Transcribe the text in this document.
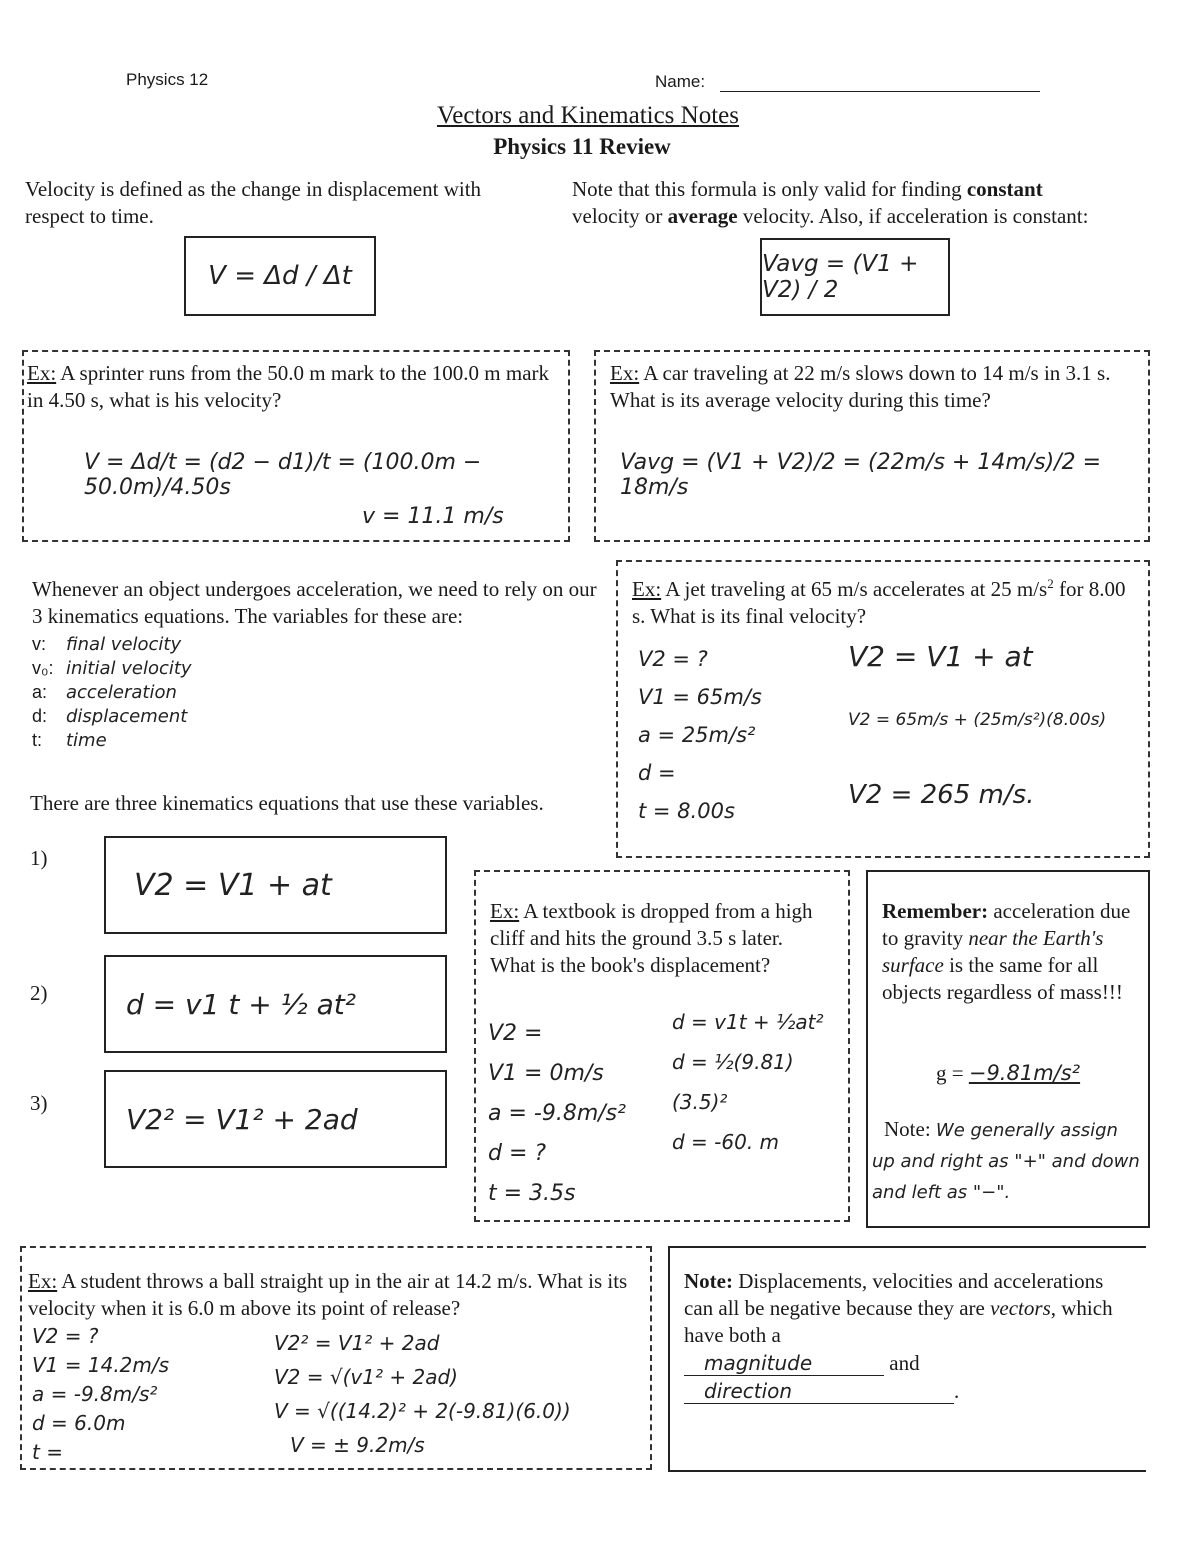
Physics 12	Name:
Vectors and Kinematics Notes
Physics 11 Review
Velocity is defined as the change in displacement with respect to time.
V = Δd / Δt
Note that this formula is only valid for finding constant velocity or average velocity. Also, if acceleration is constant:
Vavg = (V1 + V2) / 2
Ex: A sprinter runs from the 50.0 m mark to the 100.0 m mark in 4.50 s, what is his velocity?
V = Δd/t = (d2 − d1)/t = (100.0m − 50.0m)/4.50s
v = 11.1 m/s
Ex: A car traveling at 22 m/s slows down to 14 m/s in 3.1 s. What is its average velocity during this time?
Vavg = (V1 + V2)/2 = (22m/s + 14m/s)/2 = 18m/s
Whenever an object undergoes acceleration, we need to rely on our 3 kinematics equations. The variables for these are:
v: final velocity
v₀: initial velocity
a: acceleration
d: displacement
t: time
There are three kinematics equations that use these variables.
Ex: A jet traveling at 65 m/s accelerates at 25 $m/s^2$ for 8.00 s. What is its final velocity?
V2 = ?
V1 = 65m/s
a = 25m/s²
d =
t = 8.00s
V2 = V1 + at
V2 = 65m/s + (25m/s²)(8.00s)
V2 = 265 m/s.
1)
V2 = V1 + at
2)	d = v1 t + ½ at²
3)	V2² = V1² + 2ad
Ex: A textbook is dropped from a high cliff and hits the ground 3.5 s later. What is the book's displacement?
V2 =
V1 = 0m/s
a = -9.8m/s²
d = ?
t = 3.5s
d = v1t + ½at²
d = ½(9.81)(3.5)²
d = -60. m
Remember: acceleration due to gravity near the Earth's surface is the same for all objects regardless of mass!!!
g = −9.81m/s²
Note: We generally assign up and right as "+" and down and left as "−".
Ex: A student throws a ball straight up in the air at 14.2 m/s. What is its velocity when it is 6.0 m above its point of release?
V2 = ?
V1 = 14.2m/s
a = -9.8m/s²
d = 6.0m
t =
V2² = V1² + 2ad
V2 = √(v1² + 2ad)
V = √((14.2)² + 2(-9.81)(6.0))
V = ± 9.2m/s
Note: Displacements, velocities and accelerations can all be negative because they are vectors, which have both a
magnitude	and
direction	.
